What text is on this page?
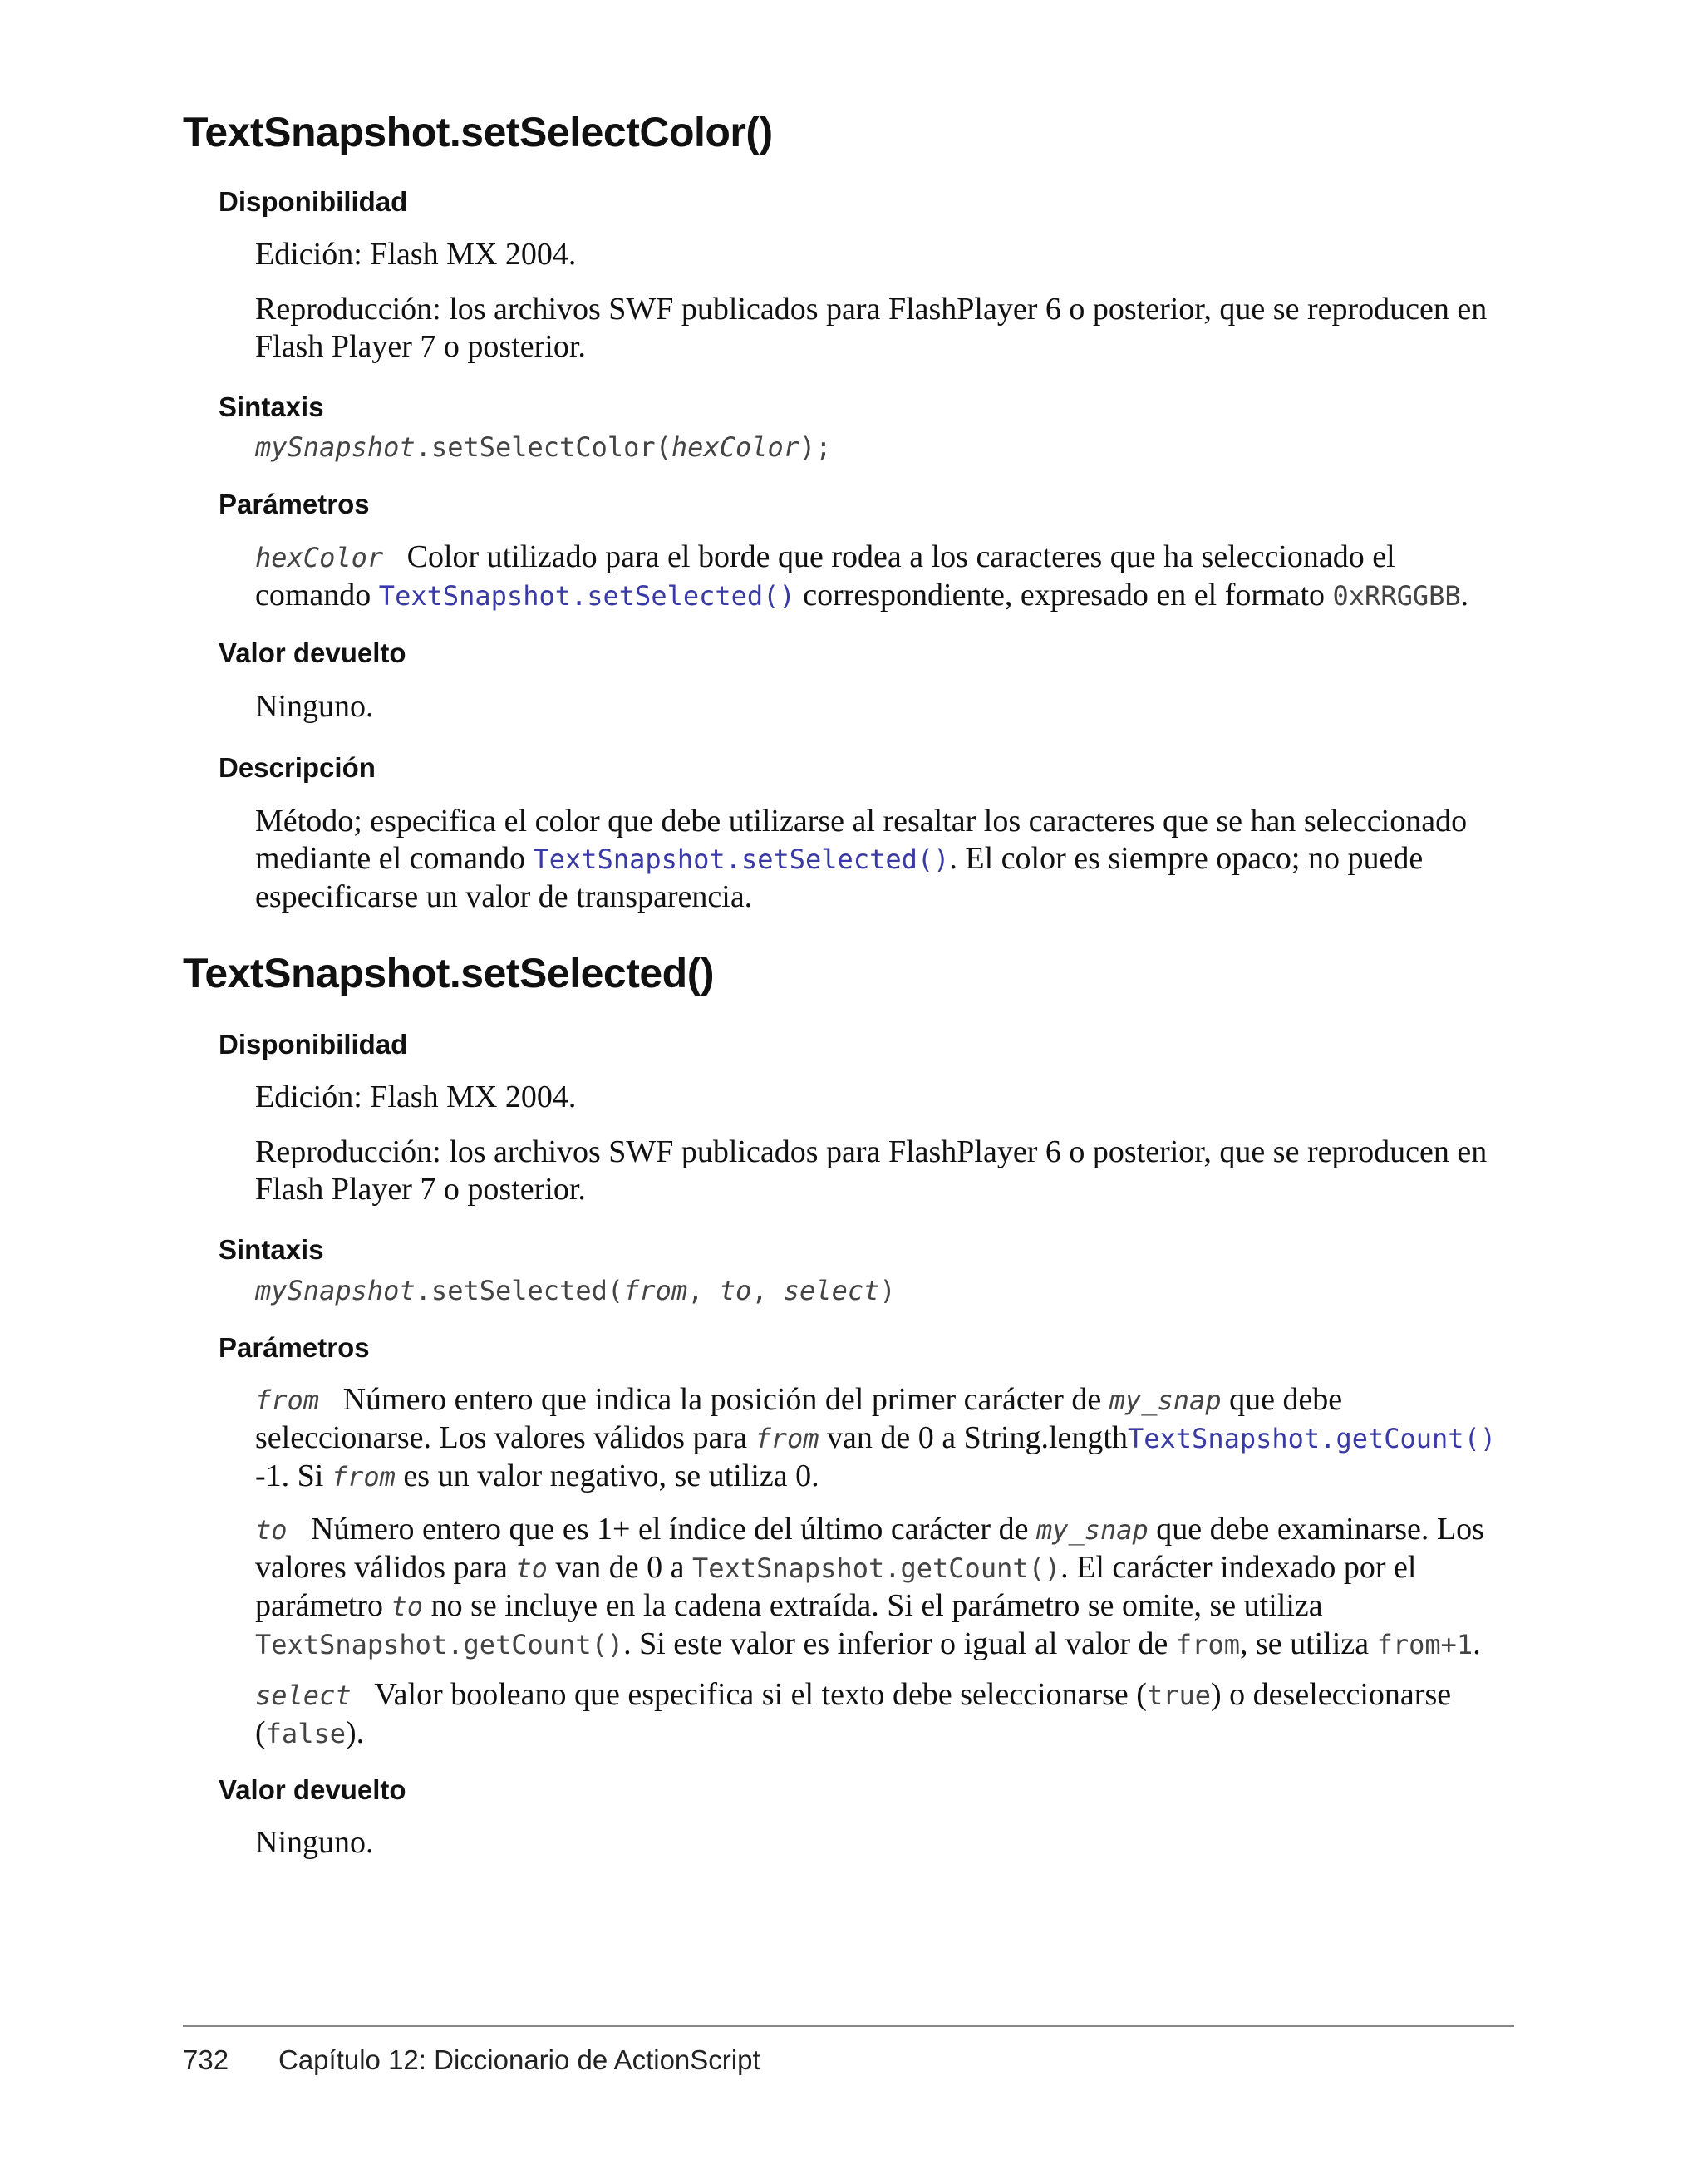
TextSnapshot.setSelectColor()
Disponibilidad

Edición: Flash MX 2004.

Reproducción: los archivos SWF publicados para FlashPlayer 6 o posterior, que se reproducen en Flash Player 7 o posterior.

Sintaxis
mySnapshot.setSelectColor(hexColor);
Parámetros

hexColor Color utilizado para el borde que rodea a los caracteres que ha seleccionado el comando TextSnapshot.setSelected() correspondiente, expresado en el formato 0xRRGGBB.

Valor devuelto

Ninguno.

Descripción

Método; especifica el color que debe utilizarse al resaltar los caracteres que se han seleccionado mediante el comando TextSnapshot.setSelected(). El color es siempre opaco; no puede especificarse un valor de transparencia.

TextSnapshot.setSelected()
Disponibilidad

Edición: Flash MX 2004.

Reproducción: los archivos SWF publicados para FlashPlayer 6 o posterior, que se reproducen en Flash Player 7 o posterior.

Sintaxis
mySnapshot.setSelected(from, to, select)
Parámetros

from Número entero que indica la posición del primer carácter de my_snap que debe seleccionarse. Los valores válidos para from van de 0 a String.lengthTextSnapshot.getCount() -1. Si from es un valor negativo, se utiliza 0.

to Número entero que es 1+ el índice del último carácter de my_snap que debe examinarse. Los valores válidos para to van de 0 a TextSnapshot.getCount(). El carácter indexado por el parámetro to no se incluye en la cadena extraída. Si el parámetro se omite, se utiliza TextSnapshot.getCount(). Si este valor es inferior o igual al valor de from, se utiliza from+1.

select Valor booleano que especifica si el texto debe seleccionarse (true) o deseleccionarse (false).

Valor devuelto

Ninguno.

732 Capítulo 12: Diccionario de ActionScript
